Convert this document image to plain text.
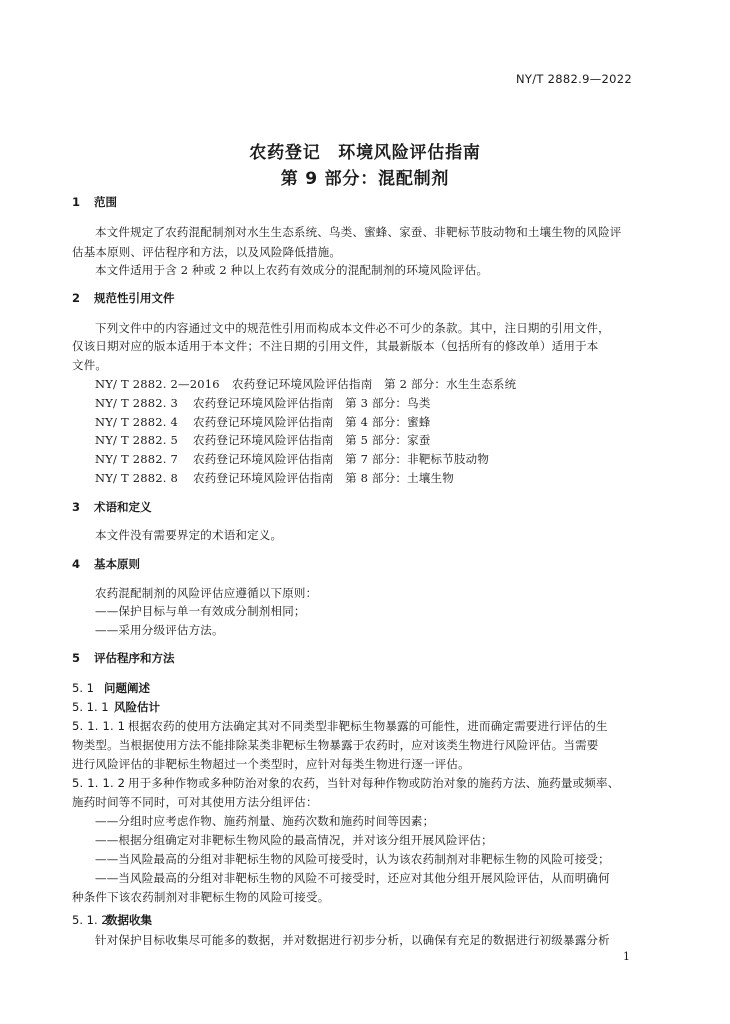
NY/T 2882.9—2022
农药登记　环境风险评估指南
第 9 部分：混配制剂
1 范围
本文件规定了农药混配制剂对水生生态系统、鸟类、蜜蜂、家蚕、非靶标节肢动物和土壤生物的风险评
估基本原则、评估程序和方法，以及风险降低措施。
本文件适用于含 2 种或 2 种以上农药有效成分的混配制剂的环境风险评估。
2 规范性引用文件
下列文件中的内容通过文中的规范性引用而构成本文件必不可少的条款。其中，注日期的引用文件，
仅该日期对应的版本适用于本文件；不注日期的引用文件，其最新版本（包括所有的修改单）适用于本
文件。
NY/ T 2882. 2—2016 农药登记环境风险评估指南　第 2 部分：水生生态系统
NY/ T 2882. 3 农药登记环境风险评估指南　第 3 部分：鸟类
NY/ T 2882. 4 农药登记环境风险评估指南　第 4 部分：蜜蜂
NY/ T 2882. 5 农药登记环境风险评估指南　第 5 部分：家蚕
NY/ T 2882. 7 农药登记环境风险评估指南　第 7 部分：非靶标节肢动物
NY/ T 2882. 8 农药登记环境风险评估指南　第 8 部分：土壤生物
3 术语和定义
本文件没有需要界定的术语和定义。
4 基本原则
农药混配制剂的风险评估应遵循以下原则：
——保护目标与单一有效成分制剂相同；
——采用分级评估方法。
5 评估程序和方法
5. 1 问题阐述
5. 1. 1 风险估计
5. 1. 1. 1 根据农药的使用方法确定其对不同类型非靶标生物暴露的可能性，进而确定需要进行评估的生
物类型。当根据使用方法不能排除某类非靶标生物暴露于农药时，应对该类生物进行风险评估。当需要
进行风险评估的非靶标生物超过一个类型时，应针对每类生物进行逐一评估。
5. 1. 1. 2 用于多种作物或多种防治对象的农药，当针对每种作物或防治对象的施药方法、施药量或频率、
施药时间等不同时，可对其使用方法分组评估：
——分组时应考虑作物、施药剂量、施药次数和施药时间等因素；
——根据分组确定对非靶标生物风险的最高情况，并对该分组开展风险评估；
——当风险最高的分组对非靶标生物的风险可接受时，认为该农药制剂对非靶标生物的风险可接受；
——当风险最高的分组对非靶标生物的风险不可接受时，还应对其他分组开展风险评估，从而明确何
种条件下该农药制剂对非靶标生物的风险可接受。
5. 1. 2数据收集
针对保护目标收集尽可能多的数据，并对数据进行初步分析，以确保有充足的数据进行初级暴露分析
1
